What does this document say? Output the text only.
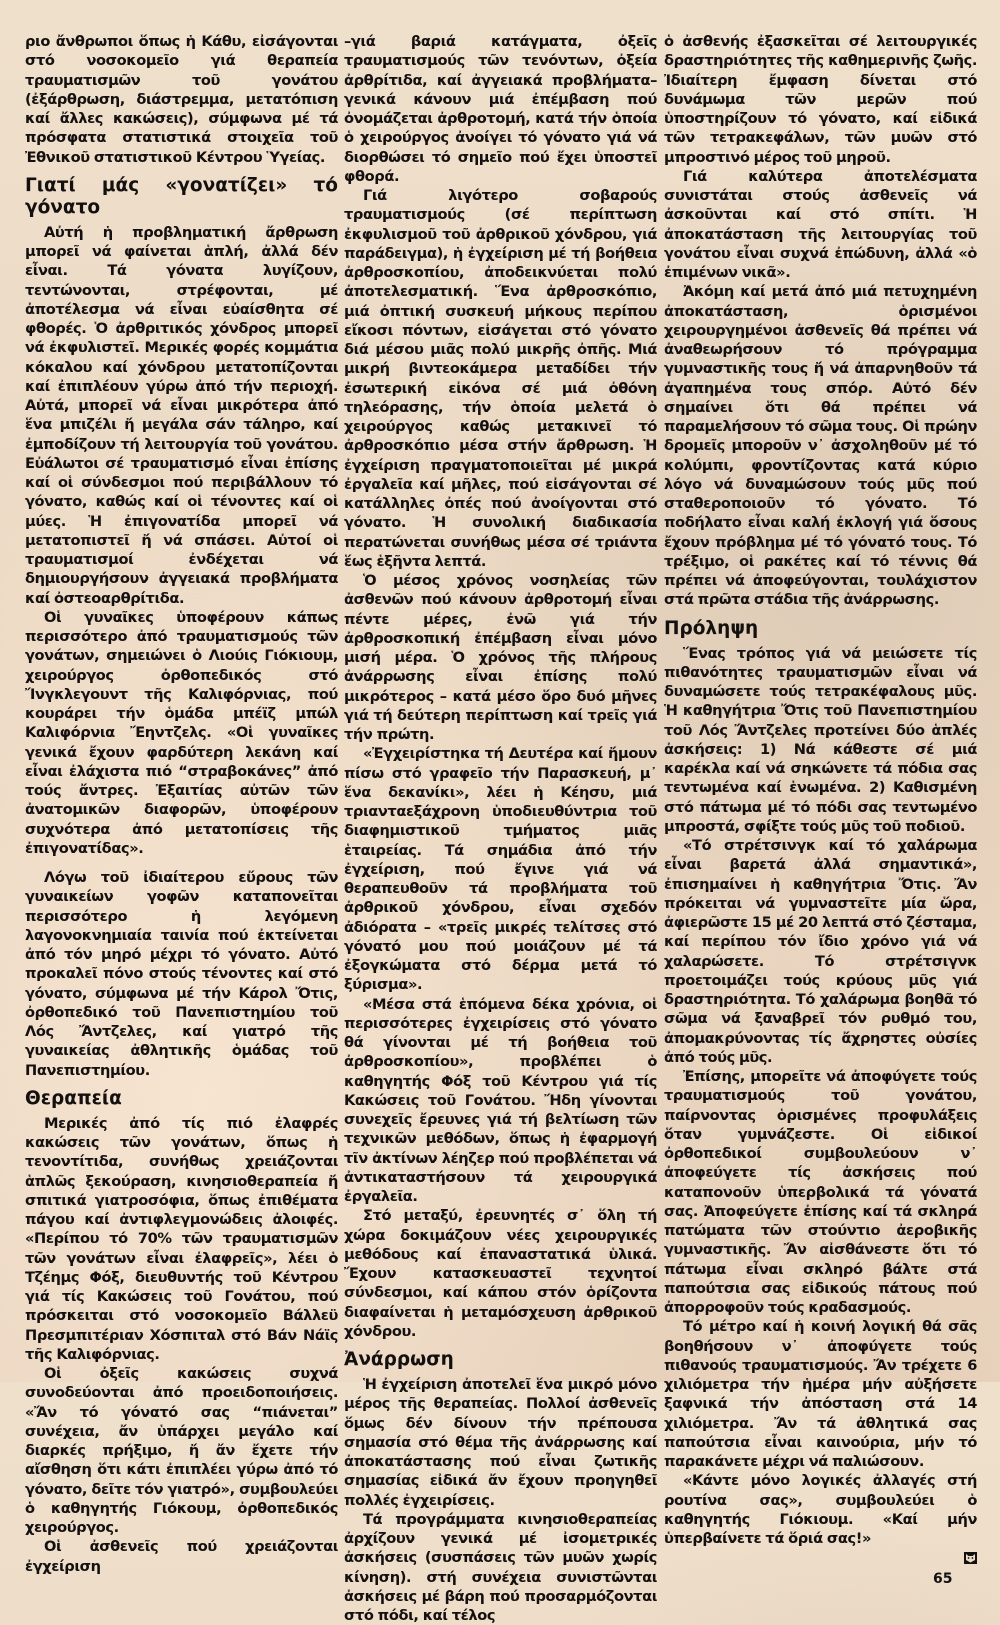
ριο ἄνθρωποι ὅπως ἡ Κάθυ, εἰσάγονται στό νοσοκομεῖο γιά θεραπεία τραυματισμῶν τοῦ γονάτου (ἐξάρθρωση, διάστρεμμα, μετατόπιση καί ἄλλες κακώσεις), σύμφωνα μέ τά πρόσφατα στατιστικά στοιχεῖα τοῦ Ἐθνικοῦ στατιστικοῦ Κέντρου Ὑγείας.

Γιατί μάς «γονατίζει» τό γόνατο

Αὐτή ἡ προβληματική ἄρθρωση μπορεῖ νά φαίνεται ἁπλή, ἀλλά δέν εἶναι. Τά γόνατα λυγίζουν, τεντώνονται, στρέφονται, μέ ἀποτέλεσμα νά εἶναι εὐαίσθητα σέ φθορές. Ὁ ἀρθριτικός χόνδρος μπορεῖ νά ἐκφυλιστεῖ. Μερικές φορές κομμάτια κόκαλου καί χόνδρου μετατοπίζονται καί ἐπιπλέουν γύρω ἀπό τήν περιοχή. Αὐτά, μπορεῖ νά εἶναι μικρότερα ἀπό ἕνα μπιζέλι ἤ μεγάλα σάν τάληρο, καί ἐμποδίζουν τή λειτουργία τοῦ γονάτου. Εὐάλωτοι σέ τραυματισμό εἶναι ἐπίσης καί οἱ σύνδεσμοι πού περιβάλλουν τό γόνατο, καθώς καί οἱ τένοντες καί οἱ μύες. Ἡ ἐπιγονατίδα μπορεῖ νά μετατοπιστεῖ ἤ νά σπάσει. Αὐτοί οἱ τραυματισμοί ἐνδέχεται νά δημιουργήσουν ἀγγειακά προβλήματα καί ὀστεοαρθρίτιδα.

Οἱ γυναῖκες ὑποφέρουν κάπως περισσότερο ἀπό τραυματισμούς τῶν γονάτων, σημειώνει ὁ Λιούις Γιόκιουμ, χειρούργος ὀρθοπεδικός στό Ἴνγκλεγουντ τῆς Καλιφόρνιας, πού κουράρει τήν ὁμάδα μπέϊζ μπώλ Καλιφόρνια Ἔηντζελς. «Οἱ γυναῖκες γενικά ἔχουν φαρδύτερη λεκάνη καί εἶναι ἐλάχιστα πιό “στραβοκάνες” ἀπό τούς ἄντρες. Ἐξαιτίας αὐτῶν τῶν ἀνατομικῶν διαφορῶν, ὑποφέρουν συχνότερα ἀπό μετατοπίσεις τῆς ἐπιγονατίδας».

Λόγω τοῦ ἰδιαίτερου εὔρους τῶν γυναικείων γοφῶν καταπονεῖται περισσότερο ἡ λεγόμενη λαγονοκνημιαία ταινία πού ἐκτείνεται ἀπό τόν μηρό μέχρι τό γόνατο. Αὐτό προκαλεῖ πόνο στούς τένοντες καί στό γόνατο, σύμφωνα μέ τήν Κάρολ Ὄτις, ὀρθοπεδικό τοῦ Πανεπιστημίου τοῦ Λός Ἄντζελες, καί γιατρό τῆς γυναικείας ἀθλητικῆς ὁμάδας τοῦ Πανεπιστημίου.

Θεραπεία

Μερικές ἀπό τίς πιό ἐλαφρές κακώσεις τῶν γονάτων, ὅπως ἡ τενοντίτιδα, συνήθως χρειάζονται ἁπλῶς ξεκούραση, κινησιοθεραπεία ἤ σπιτικά γιατροσόφια, ὅπως ἐπιθέματα πάγου καί ἀντιφλεγμονώδεις ἀλοιφές. «Περίπου τό 70% τῶν τραυματισμῶν τῶν γονάτων εἶναι ἐλαφρεῖς», λέει ὁ Τζέημς Φόξ, διευθυντής τοῦ Κέντρου γιά τίς Κακώσεις τοῦ Γονάτου, πού πρόσκειται στό νοσοκομεῖο Βάλλεϋ Πρεσμπιτέριαν Χόσπιταλ στό Βάν Νάϊς τῆς Καλιφόρνιας.

Οἱ ὀξεῖς κακώσεις συχνά συνοδεύονται ἀπό προειδοποιήσεις. «Ἄν τό γόνατό σας “πιάνεται” συνέχεια, ἄν ὑπάρχει μεγάλο καί διαρκές πρήξιμο, ἤ ἄν ἔχετε τήν αἴσθηση ὅτι κάτι ἐπιπλέει γύρω ἀπό τό γόνατο, δεῖτε τόν γιατρό», συμβουλεύει ὁ καθηγητής Γιόκουμ, ὀρθοπεδικός χειρούργος.

Οἱ ἀσθενεῖς πού χρειάζονται ἐγχείριση

–γιά βαριά κατάγματα, ὀξεῖς τραυματισμούς τῶν τενόντων, ὀξεία ἀρθρίτιδα, καί ἀγγειακά προβλήματα– γενικά κάνουν μιά ἐπέμβαση πού ὀνομάζεται ἀρθροτομή, κατά τήν ὁποία ὁ χειρούργος ἀνοίγει τό γόνατο γιά νά διορθώσει τό σημεῖο πού ἔχει ὑποστεῖ φθορά.

Γιά λιγότερο σοβαρούς τραυματισμούς (σέ περίπτωση ἐκφυλισμοῦ τοῦ ἀρθρικοῦ χόνδρου, γιά παράδειγμα), ἡ ἐγχείριση μέ τή βοήθεια ἀρθροσκοπίου, ἀποδεικνύεται πολύ ἀποτελεσματική. Ἕνα ἀρθροσκόπιο, μιά ὀπτική συσκευή μήκους περίπου εἴκοσι πόντων, εἰσάγεται στό γόνατο διά μέσου μιᾶς πολύ μικρῆς ὀπῆς. Μιά μικρή βιντεοκάμερα μεταδίδει τήν ἐσωτερική εἰκόνα σέ μιά ὀθόνη τηλεόρασης, τήν ὁποία μελετά ὁ χειρούργος καθώς μετακινεῖ τό ἀρθροσκόπιο μέσα στήν ἄρθρωση. Ἡ ἐγχείριση πραγματοποιεῖται μέ μικρά ἐργαλεῖα καί μῆλες, πού εἰσάγονται σέ κατάλληλες ὀπές πού ἀνοίγονται στό γόνατο. Ἡ συνολική διαδικασία περατώνεται συνήθως μέσα σέ τριάντα ἕως ἑξῆντα λεπτά.

Ὁ μέσος χρόνος νοσηλείας τῶν ἀσθενῶν πού κάνουν ἀρθροτομή εἶναι πέντε μέρες, ἐνῶ γιά τήν ἀρθροσκοπική ἐπέμβαση εἶναι μόνο μισή μέρα. Ὁ χρόνος τῆς πλήρους ἀνάρρωσης εἶναι ἐπίσης πολύ μικρότερος – κατά μέσο ὅρο δυό μῆνες γιά τή δεύτερη περίπτωση καί τρεῖς γιά τήν πρώτη.

«Ἐγχειρίστηκα τή Δευτέρα καί ἤμουν πίσω στό γραφεῖο τήν Παρασκευή, μ᾽ ἕνα δεκανίκι», λέει ἡ Κέησυ, μιά τριανταεξάχρονη ὑποδιευθύντρια τοῦ διαφημιστικοῦ τμήματος μιᾶς ἑταιρείας. Τά σημάδια ἀπό τήν ἐγχείριση, πού ἔγινε γιά νά θεραπευθοῦν τά προβλήματα τοῦ ἀρθρικοῦ χόνδρου, εἶναι σχεδόν ἀδιόρατα – «τρεῖς μικρές τελίτσες στό γόνατό μου πού μοιάζουν μέ τά ἐξογκώματα στό δέρμα μετά τό ξύρισμα».

«Μέσα στά ἑπόμενα δέκα χρόνια, οἱ περισσότερες ἐγχειρίσεις στό γόνατο θά γίνονται μέ τή βοήθεια τοῦ ἀρθροσκοπίου», προβλέπει ὁ καθηγητής Φόξ τοῦ Κέντρου γιά τίς Κακώσεις τοῦ Γονάτου. Ἤδη γίνονται συνεχεῖς ἔρευνες γιά τή βελτίωση τῶν τεχνικῶν μεθόδων, ὅπως ἡ ἐφαρμογή τῖν ἀκτίνων λέηζερ πού προβλέπεται νά ἀντικαταστήσουν τά χειρουργικά ἐργαλεῖα.

Στό μεταξύ, ἐρευνητές σ᾽ ὅλη τή χώρα δοκιμάζουν νέες χειρουργικές μεθόδους καί ἐπαναστατικά ὑλικά. Ἔχουν κατασκευαστεῖ τεχνητοί σύνδεσμοι, καί κάπου στόν ὁρίζοντα διαφαίνεται ἡ μεταμόσχευση ἀρθρικοῦ χόνδρου.

Ἀνάρρωση

Ἡ ἐγχείριση ἀποτελεῖ ἕνα μικρό μόνο μέρος τῆς θεραπείας. Πολλοί ἀσθενεῖς ὅμως δέν δίνουν τήν πρέπουσα σημασία στό θέμα τῆς ἀνάρρωσης καί ἀποκατάστασης πού εἶναι ζωτικῆς σημασίας εἰδικά ἄν ἔχουν προηγηθεῖ πολλές ἐγχειρίσεις.

Τά προγράμματα κινησιοθεραπείας ἀρχίζουν γενικά μέ ἰσομετρικές ἀσκήσεις (συσπάσεις τῶν μυῶν χωρίς κίνηση). στή συνέχεια συνιστῶνται ἀσκήσεις μέ βάρη πού προσαρμόζονται στό πόδι, καί τέλος

ὁ ἀσθενής ἐξασκεῖται σέ λειτουργικές δραστηριότητες τῆς καθημερινῆς ζωῆς. Ἰδιαίτερη ἔμφαση δίνεται στό δυνάμωμα τῶν μερῶν πού ὑποστηρίζουν τό γόνατο, καί εἰδικά τῶν τετρακεφάλων, τῶν μυῶν στό μπροστινό μέρος τοῦ μηροῦ.

Γιά καλύτερα ἀποτελέσματα συνιστάται στούς ἀσθενεῖς νά ἀσκοῦνται καί στό σπίτι. Ἡ ἀποκατάσταση τῆς λειτουργίας τοῦ γονάτου εἶναι συχνά ἐπώδυνη, ἀλλά «ὁ ἐπιμένων νικᾶ».

Ἀκόμη καί μετά ἀπό μιά πετυχημένη ἀποκατάσταση, ὁρισμένοι χειρουργημένοι ἀσθενεῖς θά πρέπει νά ἀναθεωρήσουν τό πρόγραμμα γυμναστικῆς τους ἤ νά ἀπαρνηθοῦν τά ἀγαπημένα τους σπόρ. Αὐτό δέν σημαίνει ὅτι θά πρέπει νά παραμελήσουν τό σῶμα τους. Οἱ πρώην δρομεῖς μποροῦν ν᾽ ἀσχοληθοῦν μέ τό κολύμπι, φροντίζοντας κατά κύριο λόγο νά δυναμώσουν τούς μῦς πού σταθεροποιοῦν τό γόνατο. Τό ποδήλατο εἶναι καλή ἐκλογή γιά ὅσους ἔχουν πρόβλημα μέ τό γόνατό τους. Τό τρέξιμο, οἱ ρακέτες καί τό τέννις θά πρέπει νά ἀποφεύγονται, τουλάχιστον στά πρῶτα στάδια τῆς ἀνάρρωσης.

Πρόληψη

Ἕνας τρόπος γιά νά μειώσετε τίς πιθανότητες τραυματισμῶν εἶναι νά δυναμώσετε τούς τετρακέφαλους μῦς. Ἡ καθηγήτρια Ὄτις τοῦ Πανεπιστημίου τοῦ Λός Ἄντζελες προτείνει δύο ἁπλές ἀσκήσεις: 1) Νά κάθεστε σέ μιά καρέκλα καί νά σηκώνετε τά πόδια σας τεντωμένα καί ἑνωμένα. 2) Καθισμένη στό πάτωμα μέ τό πόδι σας τεντωμένο μπροστά, σφίξτε τούς μῦς τοῦ ποδιοῦ.

«Τό στρέτσινγκ καί τό χαλάρωμα εἶναι βαρετά ἀλλά σημαντικά», ἐπισημαίνει ἡ καθηγήτρια Ὄτις. Ἄν πρόκειται νά γυμναστεῖτε μία ὥρα, ἀφιερῶστε 15 μέ 20 λεπτά στό ζέσταμα, καί περίπου τόν ἴδιο χρόνο γιά νά χαλαρώσετε. Τό στρέτσιγνκ προετοιμάζει τούς κρύους μῦς γιά δραστηριότητα. Τό χαλάρωμα βοηθᾶ τό σῶμα νά ξαναβρεῖ τόν ρυθμό του, ἀπομακρύνοντας τίς ἄχρηστες οὐσίες ἀπό τούς μῦς.

Ἐπίσης, μπορεῖτε νά ἀποφύγετε τούς τραυματισμούς τοῦ γονάτου, παίρνοντας ὁρισμένες προφυλάξεις ὅταν γυμνάζεστε. Οἱ εἰδικοί ὀρθοπεδικοί συμβουλεύουν ν᾽ ἀποφεύγετε τίς ἀσκήσεις πού καταπονοῦν ὑπερβολικά τά γόνατά σας. Ἀποφεύγετε ἐπίσης καί τά σκληρά πατώματα τῶν στούντιο ἀεροβικῆς γυμναστικῆς. Ἄν αἰσθάνεστε ὅτι τό πάτωμα εἶναι σκληρό βάλτε στά παπούτσια σας εἰδικούς πάτους πού ἀπορροφοῦν τούς κραδασμούς.

Τό μέτρο καί ἡ κοινή λογική θά σᾶς βοηθήσουν ν᾽ ἀποφύγετε τούς πιθανούς τραυματισμούς. Ἄν τρέχετε 6 χιλιόμετρα τήν ἡμέρα μήν αὐξήσετε ξαφνικά τήν ἀπόσταση στά 14 χιλιόμετρα. Ἄν τά ἀθλητικά σας παπούτσια εἶναι καινούρια, μήν τό παρακάνετε μέχρι νά παλιώσουν.

«Κάντε μόνο λογικές ἀλλαγές στή ρουτίνα σας», συμβουλεύει ὁ καθηγητής Γιόκιουμ. «Καί μήν ὑπερβαίνετε τά ὅριά σας!»

65
